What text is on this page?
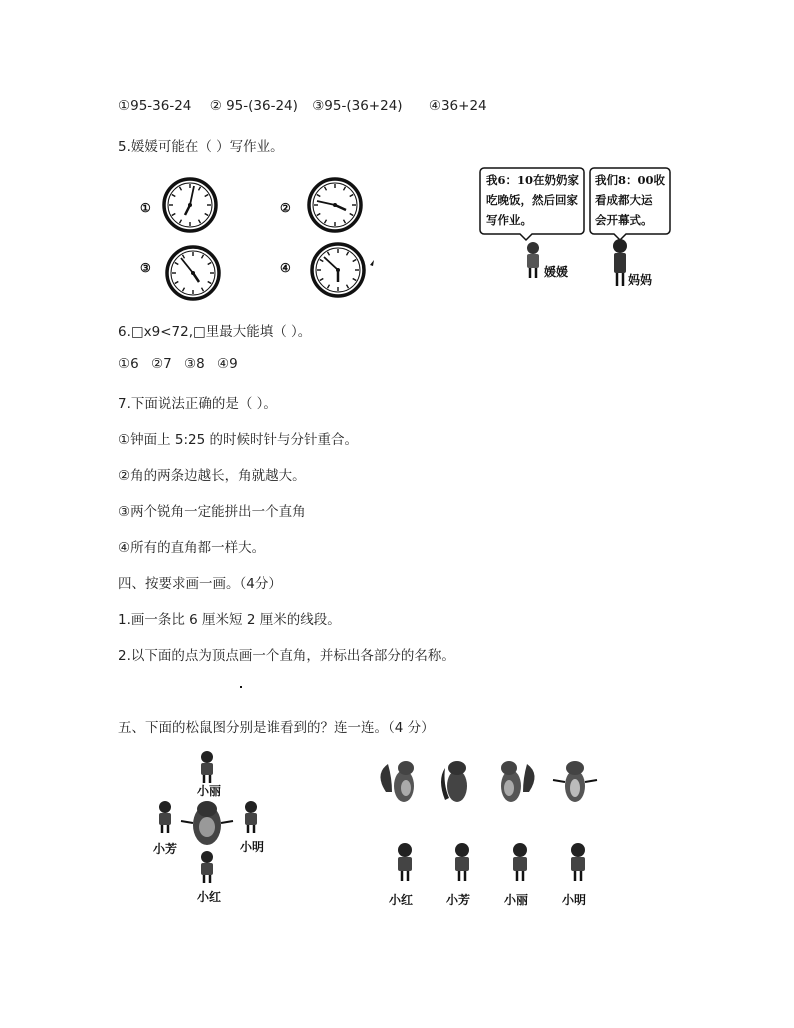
①95-36-24 ② 95-(36-24) ③95-(36+24) ④36+24
5.媛媛可能在（ ）写作业。
①	②
③	④	媛媛
妈妈
我6：10在奶奶家
吃晚饭，然后回家
写作业。
我们8：00收
看成都大运
会开幕式。
6.□x9<72,□里最大能填（ ）。
①6 ②7 ③8 ④9
7.下面说法正确的是（ ）。
①钟面上 5:25 的时候时针与分针重合。
②角的两条边越长，角就越大。
③两个锐角一定能拼出一个直角
④所有的直角都一样大。
四、按要求画一画。（4分）
1.画一条比 6 厘米短 2 厘米的线段。
2.以下面的点为顶点画一个直角，并标出各部分的名称。
五、下面的松鼠图分别是谁看到的？连一连。（4 分）
小丽
小芳	小明
小红	小红	小芳	小丽	小明
